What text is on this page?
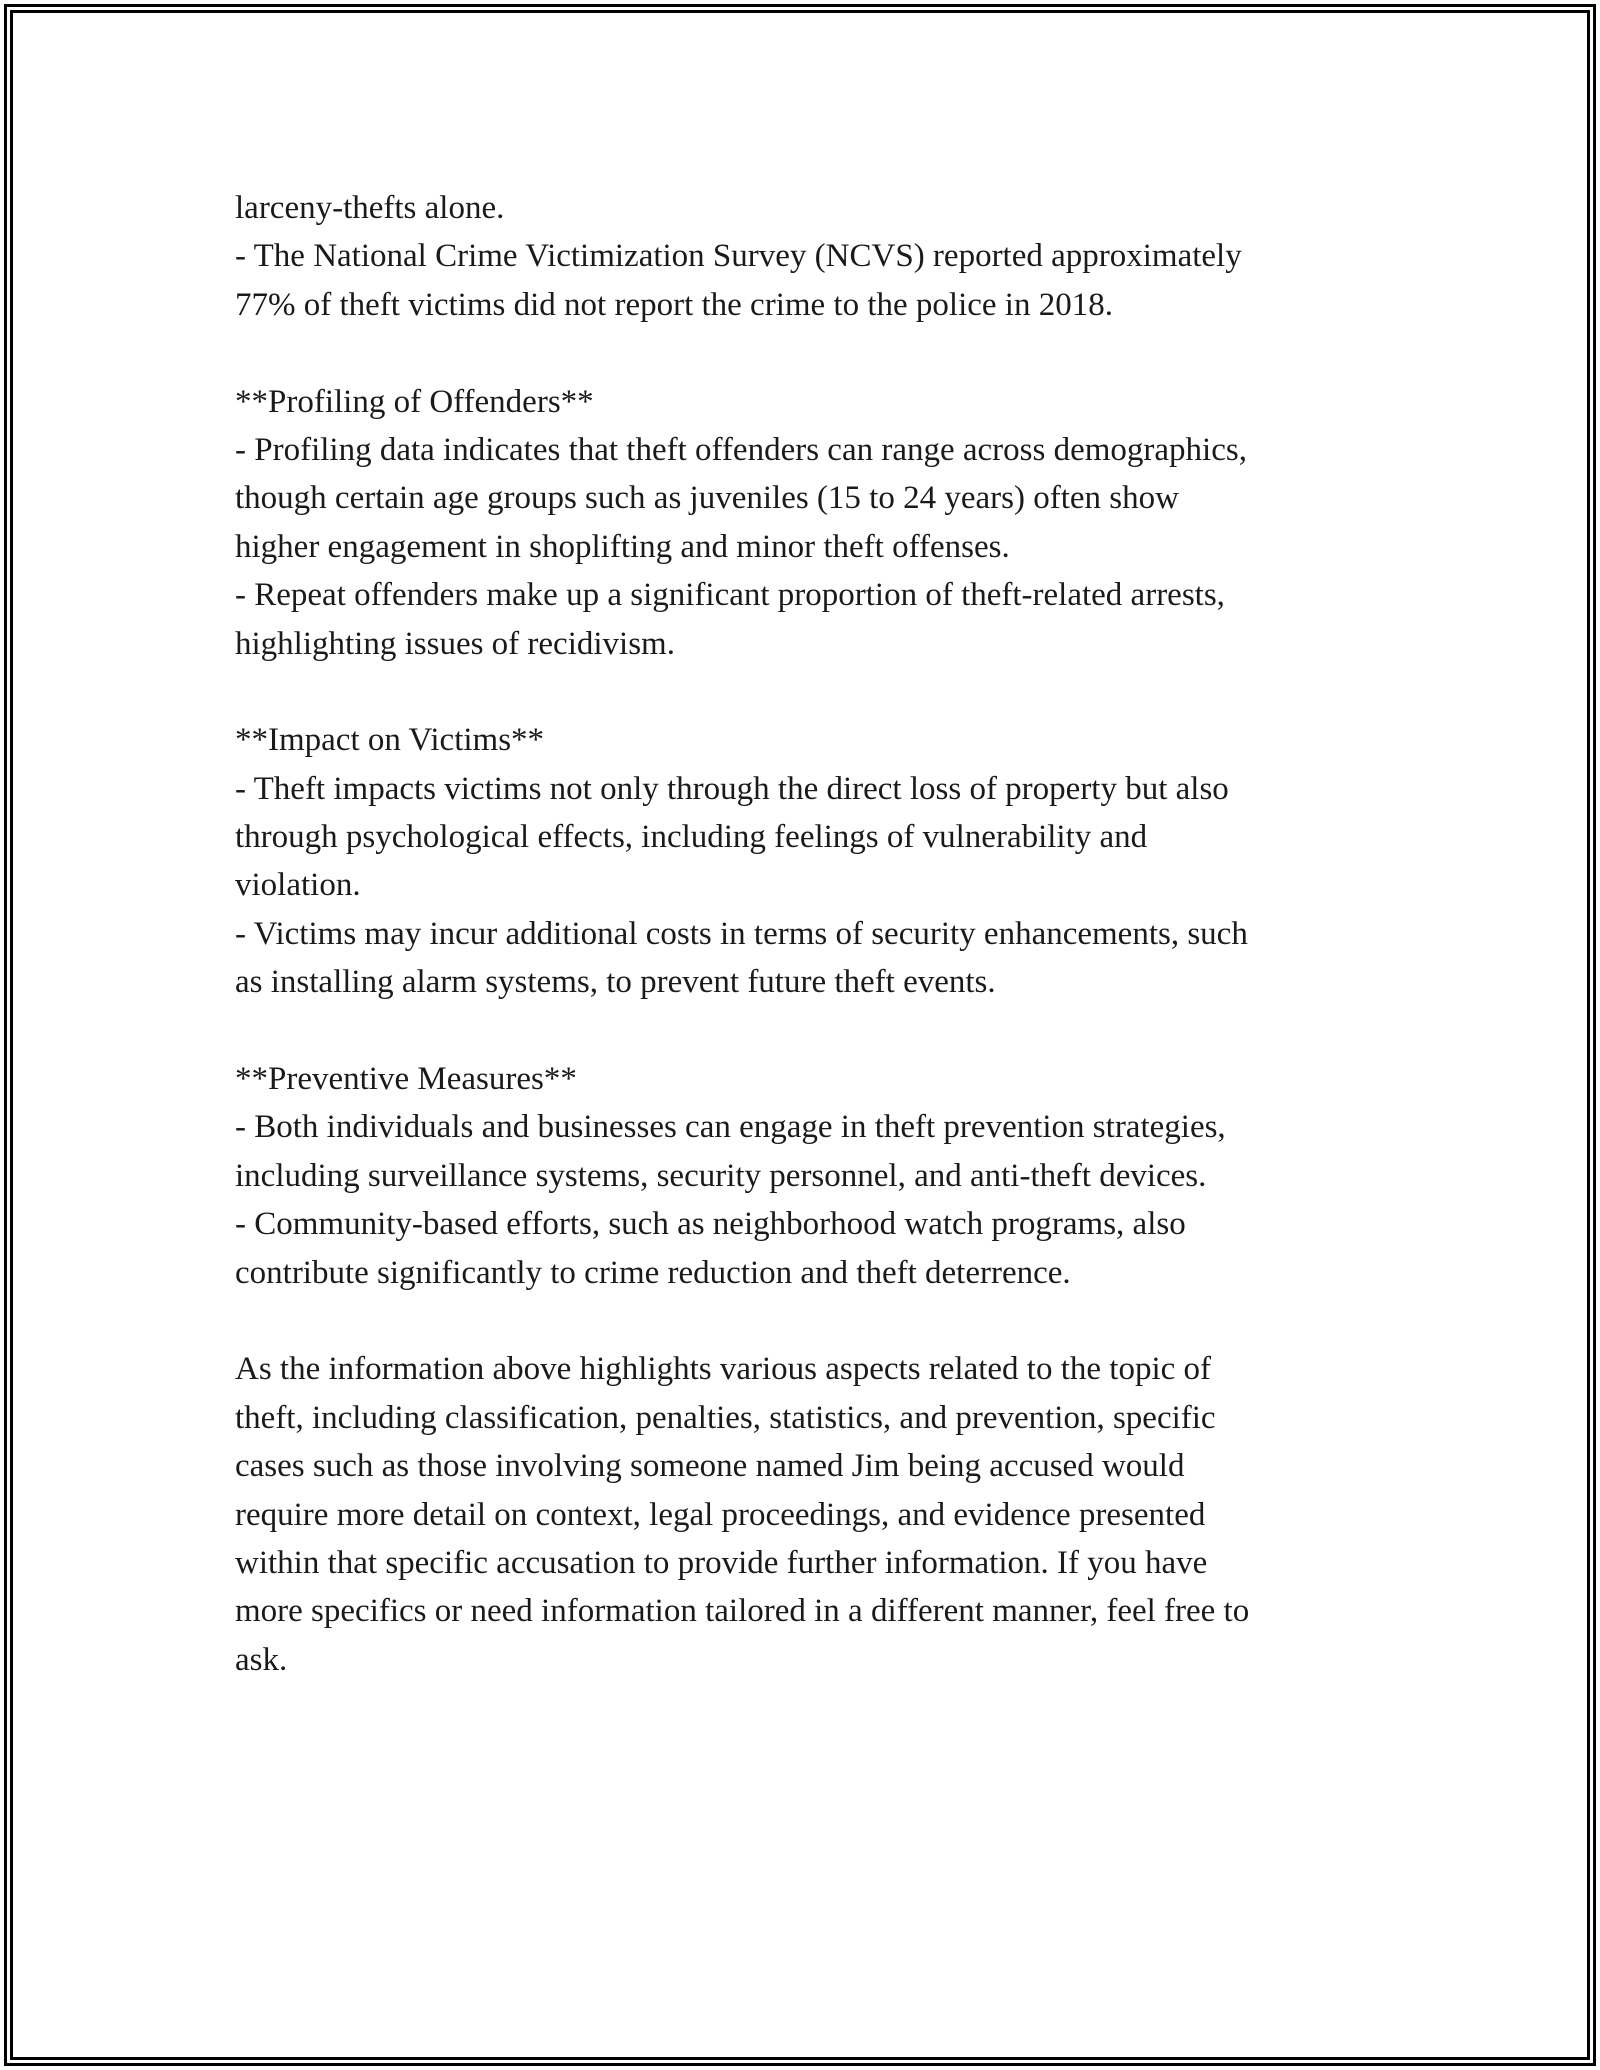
larceny-thefts alone.
- The National Crime Victimization Survey (NCVS) reported approximately
77% of theft victims did not report the crime to the police in 2018.
**Profiling of Offenders**
- Profiling data indicates that theft offenders can range across demographics,
though certain age groups such as juveniles (15 to 24 years) often show
higher engagement in shoplifting and minor theft offenses.
- Repeat offenders make up a significant proportion of theft-related arrests,
highlighting issues of recidivism.
**Impact on Victims**
- Theft impacts victims not only through the direct loss of property but also
through psychological effects, including feelings of vulnerability and
violation.
- Victims may incur additional costs in terms of security enhancements, such
as installing alarm systems, to prevent future theft events.
**Preventive Measures**
- Both individuals and businesses can engage in theft prevention strategies,
including surveillance systems, security personnel, and anti-theft devices.
- Community-based efforts, such as neighborhood watch programs, also
contribute significantly to crime reduction and theft deterrence.
As the information above highlights various aspects related to the topic of
theft, including classification, penalties, statistics, and prevention, specific
cases such as those involving someone named Jim being accused would
require more detail on context, legal proceedings, and evidence presented
within that specific accusation to provide further information. If you have
more specifics or need information tailored in a different manner, feel free to
ask.
